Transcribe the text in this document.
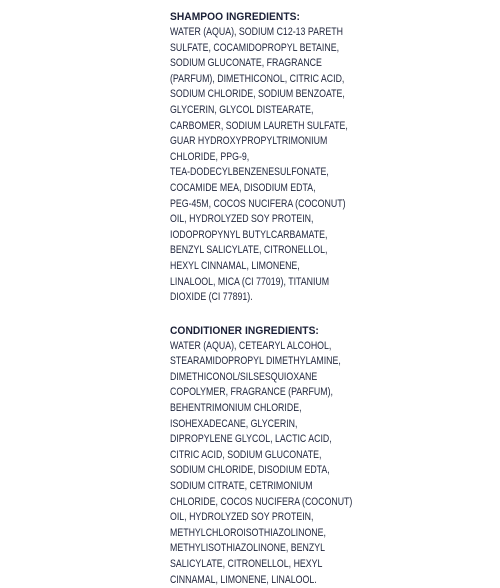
SHAMPOO INGREDIENTS:

WATER (AQUA), SODIUM C12-13 PARETH

SULFATE, COCAMIDOPROPYL BETAINE,

SODIUM GLUCONATE, FRAGRANCE

(PARFUM), DIMETHICONOL, CITRIC ACID,

SODIUM CHLORIDE, SODIUM BENZOATE,

GLYCERIN, GLYCOL DISTEARATE,

CARBOMER, SODIUM LAURETH SULFATE,

GUAR HYDROXYPROPYLTRIMONIUM

CHLORIDE, PPG-9,

TEA-DODECYLBENZENESULFONATE,

COCAMIDE MEA, DISODIUM EDTA,

PEG-45M, COCOS NUCIFERA (COCONUT)

OIL, HYDROLYZED SOY PROTEIN,

IODOPROPYNYL BUTYLCARBAMATE,

BENZYL SALICYLATE, CITRONELLOL,

HEXYL CINNAMAL, LIMONENE,

LINALOOL, MICA (CI 77019), TITANIUM

DIOXIDE (CI 77891).

CONDITIONER INGREDIENTS:

WATER (AQUA), CETEARYL ALCOHOL,

STEARAMIDOPROPYL DIMETHYLAMINE,

DIMETHICONOL/SILSESQUIOXANE

COPOLYMER, FRAGRANCE (PARFUM),

BEHENTRIMONIUM CHLORIDE,

ISOHEXADECANE, GLYCERIN,

DIPROPYLENE GLYCOL, LACTIC ACID,

CITRIC ACID, SODIUM GLUCONATE,

SODIUM CHLORIDE, DISODIUM EDTA,

SODIUM CITRATE, CETRIMONIUM

CHLORIDE, COCOS NUCIFERA (COCONUT)

OIL, HYDROLYZED SOY PROTEIN,

METHYLCHLOROISOTHIAZOLINONE,

METHYLISOTHIAZOLINONE, BENZYL

SALICYLATE, CITRONELLOL, HEXYL

CINNAMAL, LIMONENE, LINALOOL.
